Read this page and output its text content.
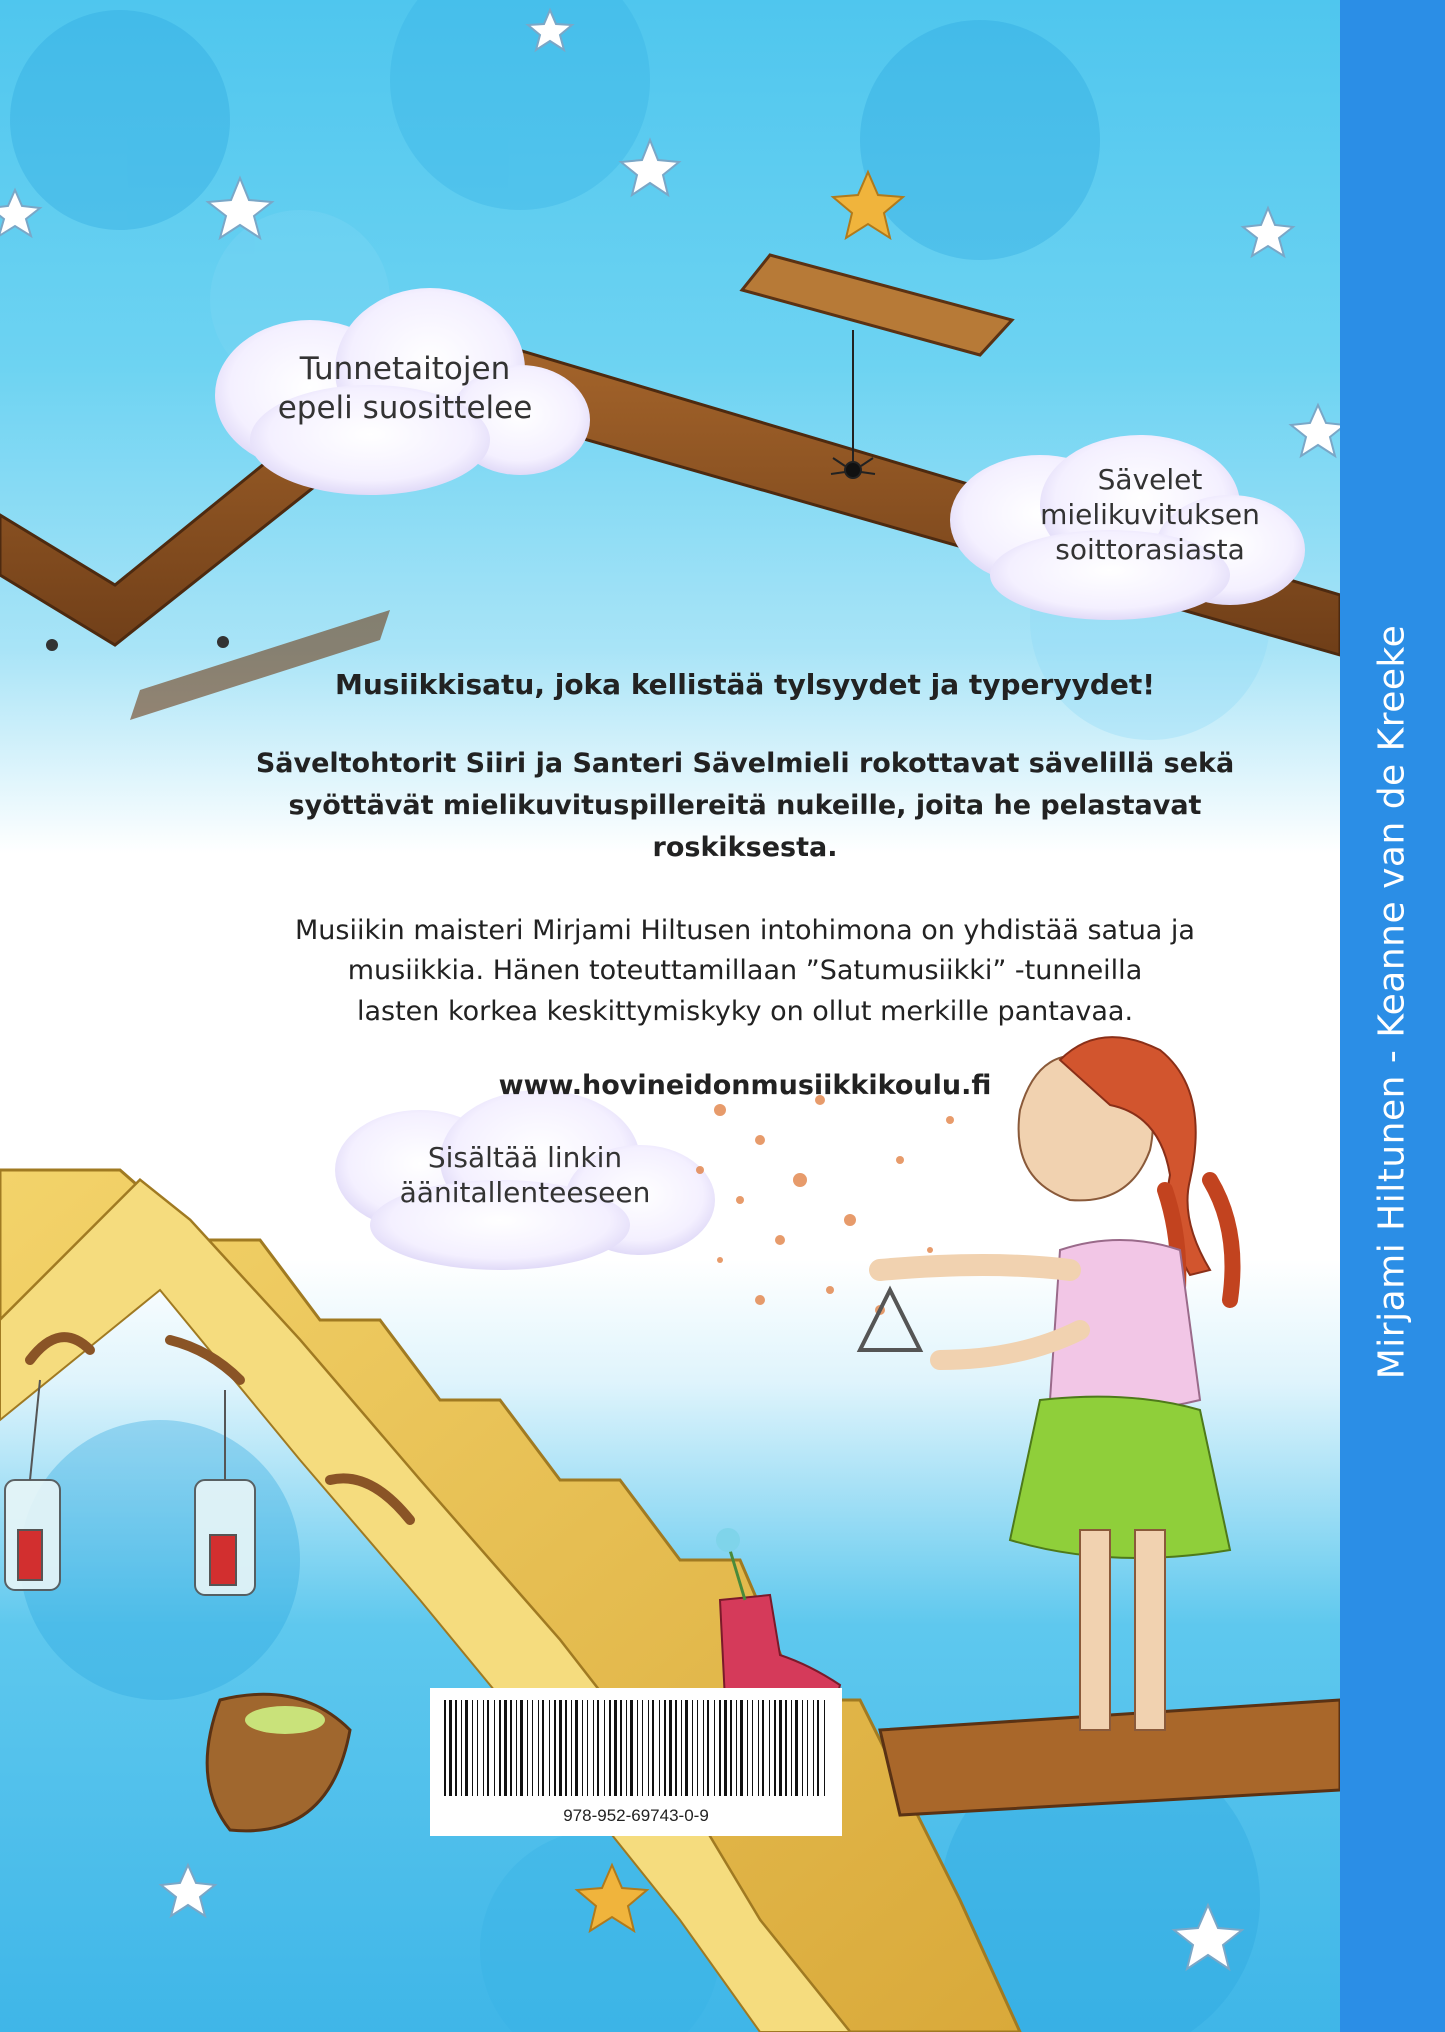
Mirjami Hiltunen - Keanne van de Kreeke
Tunnetaitojen
epeli suosittelee
Sävelet
mielikuvituksen
soittorasiasta
Sisältää linkin
äänitallenteeseen

Musiikkisatu, joka kellistää tylsyydet ja typeryydet!

Säveltohtorit Siiri ja Santeri Sävelmieli rokottavat sävelillä sekä
syöttävät mielikuvituspillereitä nukeille, joita he pelastavat roskiksesta.

Musiikin maisteri Mirjami Hiltusen intohimona on yhdistää satua ja
musiikkia. Hänen toteuttamillaan ”Satumusiikki” -tunneilla
lasten korkea keskittymiskyky on ollut merkille pantavaa.

www.hovineidonmusiikkikoulu.fi

978-952-69743-0-9
